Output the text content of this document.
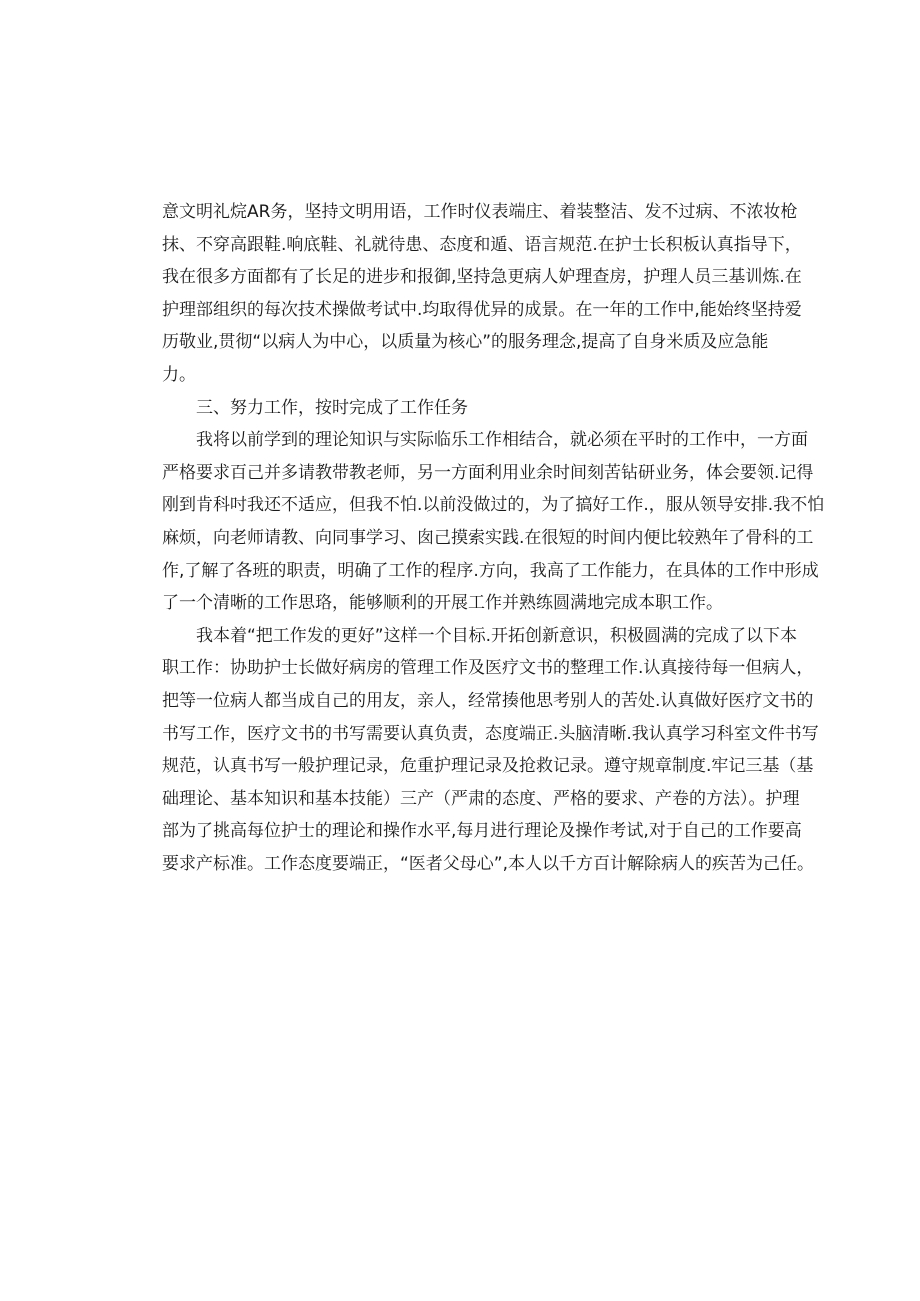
意文明礼烷AR务，坚持文明用语，工作时仪表端庄、着装整洁、发不过病、不浓妆枪
抹、不穿高跟鞋.响底鞋、礼就待患、态度和遁、语言规范.在护士长积板认真指导下，
我在很多方面都有了长足的进步和报御,坚持急更病人妒理查房，护理人员三基训炼.在
护理部组织的每次技术操做考试中.均取得优异的成景。在一年的工作中,能始终坚持爱
历敬业,贯彻“以病人为中心，以质量为核心”的服务理念,提高了自身米质及应急能
力。
三、努力工作，按时完成了工作任务
我将以前学到的理论知识与实际临乐工作相结合，就必须在平时的工作中，一方面
严格要求百己并多请教带教老师，另一方面利用业余时间刻苦钻研业务，体会要领.记得
刚到肯科吋我还不适应，但我不怕.以前没做过的，为了搞好工作.，服从领导安排.我不怕
麻烦，向老师请教、向同事学习、囱己摸索实践.在很短的时间内便比较熟年了骨科的工
作,了解了各班的职责，明确了工作的程序.方向，我高了工作能力，在具体的工作中形成
了一个清晰的工作思珞，能够顺利的开展工作并熟练圆满地完成本职工作。
我本着“把工作发的更好”这样一个目标.开拓创新意识，积极圆满的完成了以下本
职工作：协助护士长做好病房的管理工作及医疗文书的整理工作.认真接待每一但病人，
把等一位病人都当成自己的用友，亲人，经常揍他思考别人的苦处.认真做好医疗文书的
书写工作，医疗文书的书写需要认真负责，态度端正.头脑清晰.我认真学习科室文件书写
规范，认真书写一般护理记录，危重护理记录及抢救记录。遵守规章制度.牢记三基（基
础理论、基本知识和基本技能）三产（严肃的态度、严格的要求、产卷的方法）。护理
部为了挑高每位护士的理论和操作水平,每月进行理论及操作考试,对于自己的工作要高
要求产标准。工作态度要端正，“医者父母心”,本人以千方百计解除病人的疾苦为己任。
